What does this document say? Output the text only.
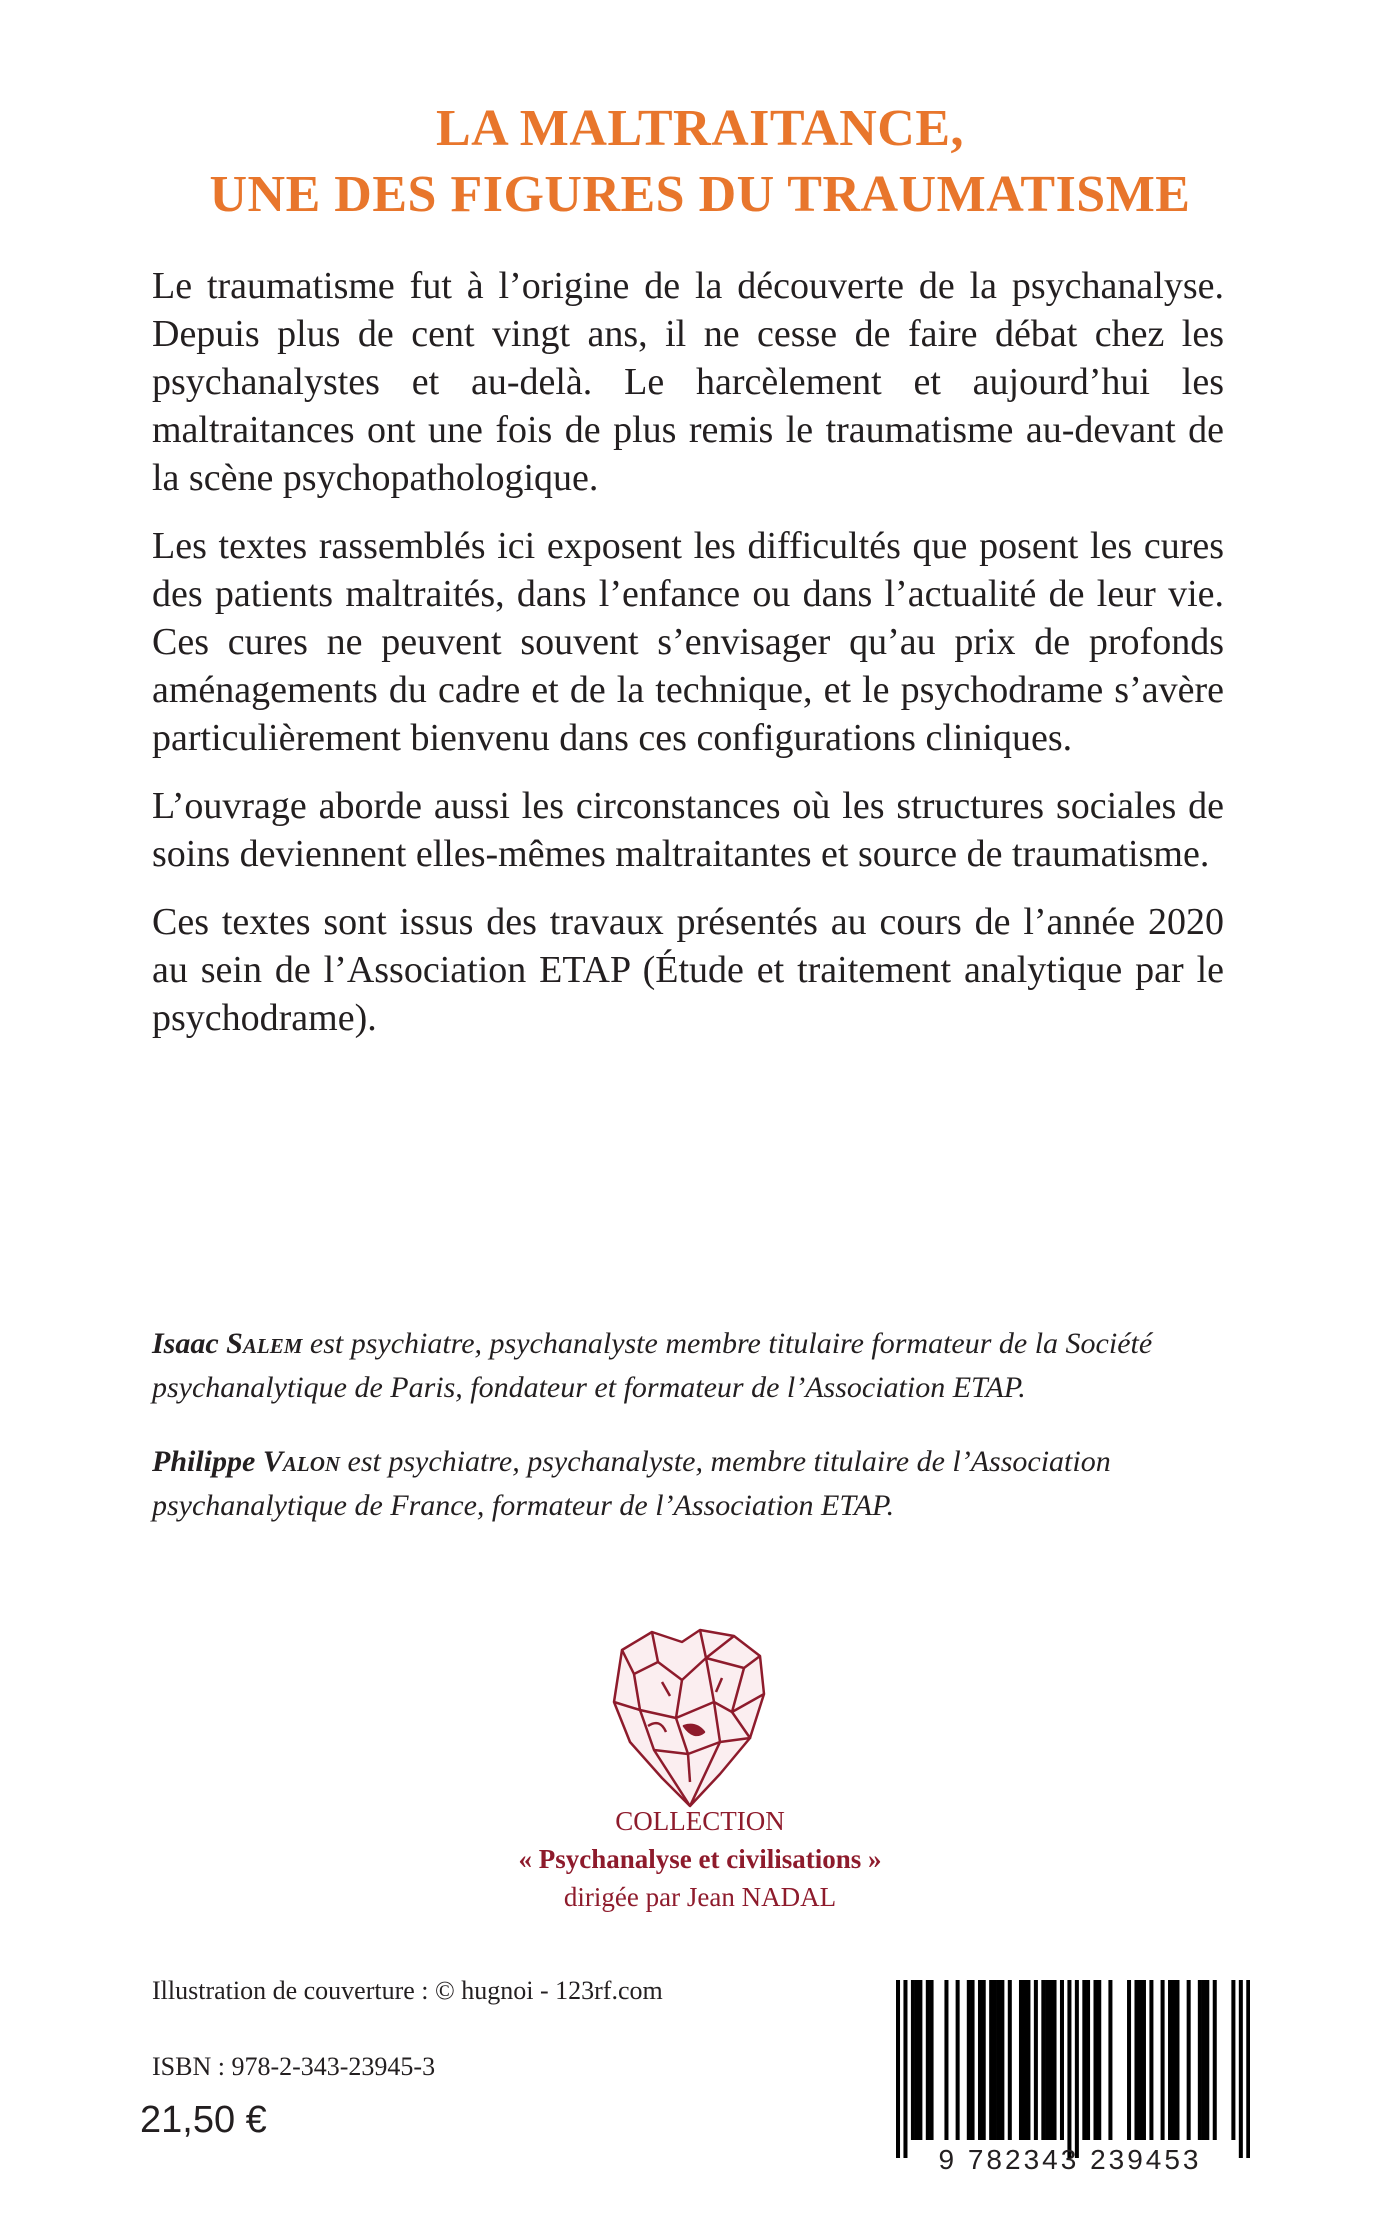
LA MALTRAITANCE,
UNE DES FIGURES DU TRAUMATISME

Le traumatisme fut à l’origine de la découverte de la psychanalyse. Depuis plus de cent vingt ans, il ne cesse de faire débat chez les psychanalystes et au-delà. Le harcèlement et aujourd’hui les maltraitances ont une fois de plus remis le traumatisme au-devant de la scène psychopathologique.

Les textes rassemblés ici exposent les difficultés que posent les cures des patients maltraités, dans l’enfance ou dans l’actualité de leur vie. Ces cures ne peuvent souvent s’envisager qu’au prix de profonds aménagements du cadre et de la technique, et le psychodrame s’avère particulièrement bienvenu dans ces configurations cliniques.

L’ouvrage aborde aussi les circonstances où les structures sociales de soins deviennent elles-mêmes maltraitantes et source de traumatisme.

Ces textes sont issus des travaux présentés au cours de l’année 2020 au sein de l’Association ETAP (Étude et traitement analytique par le psychodrame).

Isaac Salem est psychiatre, psychanalyste membre titulaire formateur de la Société psychanalytique de Paris, fondateur et formateur de l’Association ETAP.

Philippe Valon est psychiatre, psychanalyste, membre titulaire de l’Association psychanalytique de France, formateur de l’Association ETAP.

COLLECTION
« Psychanalyse et civilisations »
dirigée par Jean NADAL
Illustration de couverture : © hugnoi - 123rf.com
ISBN : 978-2-343-23945-3
21,50 €
9 782343 239453
